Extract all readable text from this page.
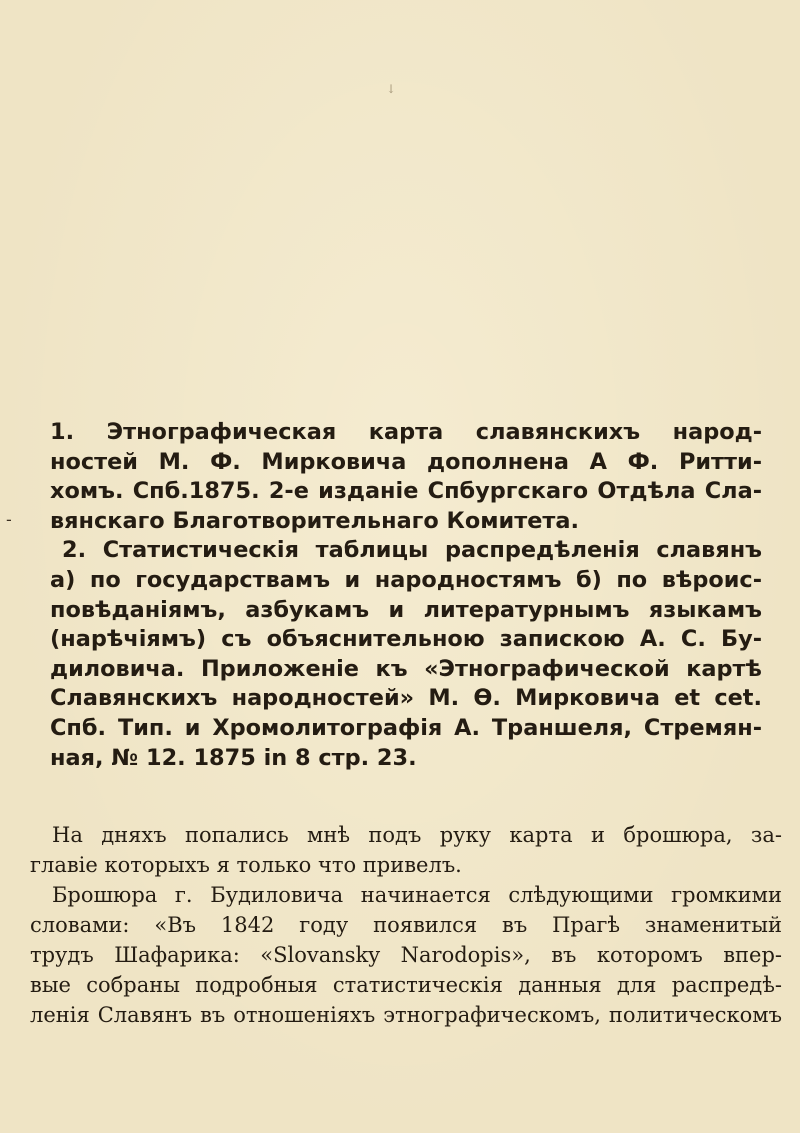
↓
-
1. Этнографическая карта славянскихъ народ-
ностей М. Ф. Мирковича дополнена А Ф. Ритти-
хомъ. Спб.1875. 2-е изданіе Спбургскаго Отдѣла Сла-
вянскаго Благотворительнаго Комитета.
2. Статистическія таблицы распредѣленія славянъ
а) по государствамъ и народностямъ б) по вѣроис-
повѣданіямъ, азбукамъ и литературнымъ языкамъ
(нарѣчіямъ) съ объяснительною запискою А. С. Бу-
диловича. Приложеніе къ «Этнографической картѣ
Славянскихъ народностей» М. Ѳ. Мирковича et cet.
Спб. Тип. и Хромолитографія А. Траншеля, Стремян-
ная, № 12. 1875 in 8 стр. 23.
На дняхъ попались мнѣ подъ руку карта и брошюра, за-
главіе которыхъ я только что привелъ.
Брошюра г. Будиловича начинается слѣдующими громкими
словами: «Въ 1842 году появился въ Прагѣ знаменитый
трудъ Шафарика: «Slovansky Narodopis», въ которомъ впер-
вые собраны подробныя статистическія данныя для распредѣ-
ленія Славянъ въ отношеніяхъ этнографическомъ, политическомъ
